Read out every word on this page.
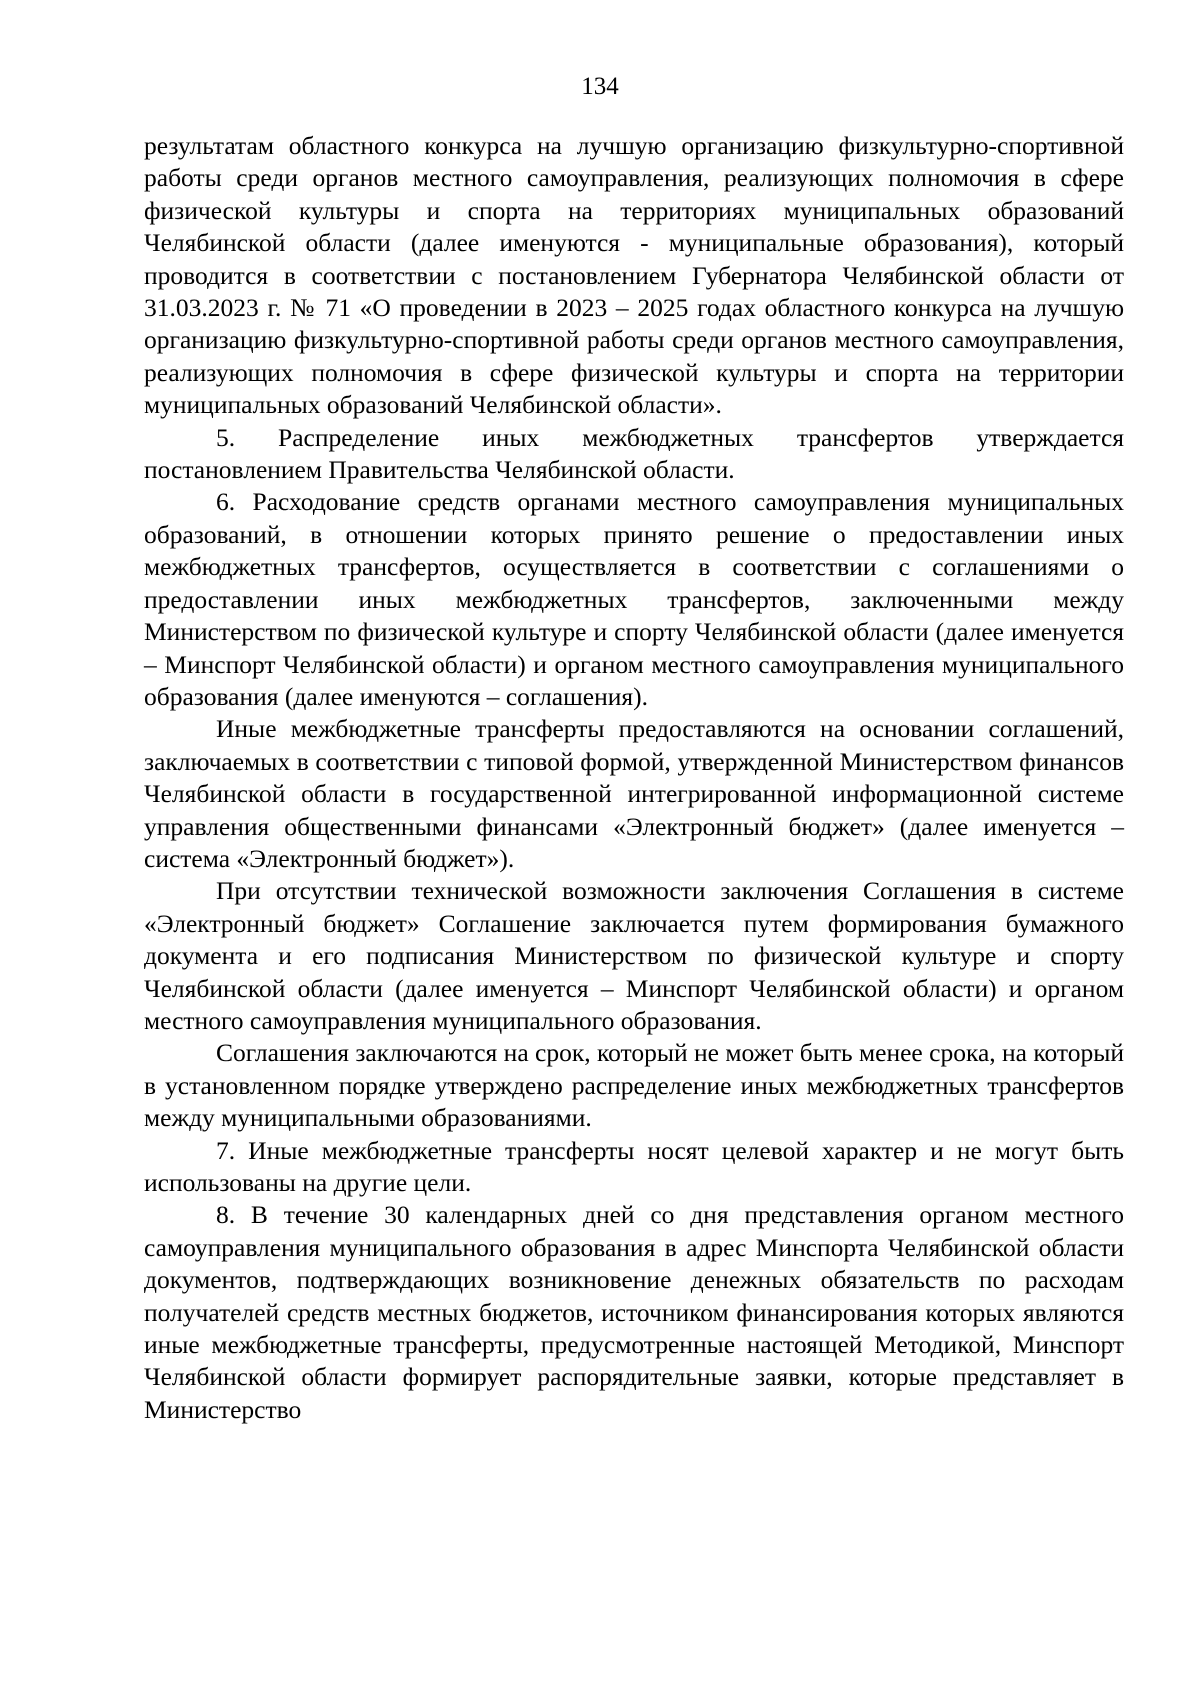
134

результатам областного конкурса на лучшую организацию физкультурно-спортивной работы среди органов местного самоуправления, реализующих полномочия в сфере физической культуры и спорта на территориях муниципальных образований Челябинской области (далее именуются - муниципальные образования), который проводится в соответствии с постановлением Губернатора Челябинской области от 31.03.2023 г. № 71 «О проведении в 2023 – 2025 годах областного конкурса на лучшую организацию физкультурно-спортивной работы среди органов местного самоуправления, реализующих полномочия в сфере физической культуры и спорта на территории муниципальных образований Челябинской области».

5. Распределение иных межбюджетных трансфертов утверждается постановлением Правительства Челябинской области.

6. Расходование средств органами местного самоуправления муниципальных образований, в отношении которых принято решение о предоставлении иных межбюджетных трансфертов, осуществляется в соответствии с соглашениями о предоставлении иных межбюджетных трансфертов, заключенными между Министерством по физической культуре и спорту Челябинской области (далее именуется – Минспорт Челябинской области) и органом местного самоуправления муниципального образования (далее именуются – соглашения).

Иные межбюджетные трансферты предоставляются на основании соглашений, заключаемых в соответствии с типовой формой, утвержденной Министерством финансов Челябинской области в государственной интегрированной информационной системе управления общественными финансами «Электронный бюджет» (далее именуется – система «Электронный бюджет»).

При отсутствии технической возможности заключения Соглашения в системе «Электронный бюджет» Соглашение заключается путем формирования бумажного документа и его подписания Министерством по физической культуре и спорту Челябинской области (далее именуется – Минспорт Челябинской области) и органом местного самоуправления муниципального образования.

Соглашения заключаются на срок, который не может быть менее срока, на который в установленном порядке утверждено распределение иных межбюджетных трансфертов между муниципальными образованиями.

7. Иные межбюджетные трансферты носят целевой характер и не могут быть использованы на другие цели.

8. В течение 30 календарных дней со дня представления органом местного самоуправления муниципального образования в адрес Минспорта Челябинской области документов, подтверждающих возникновение денежных обязательств по расходам получателей средств местных бюджетов, источником финансирования которых являются иные межбюджетные трансферты, предусмотренные настоящей Методикой, Минспорт Челябинской области формирует распорядительные заявки, которые представляет в Министерство
